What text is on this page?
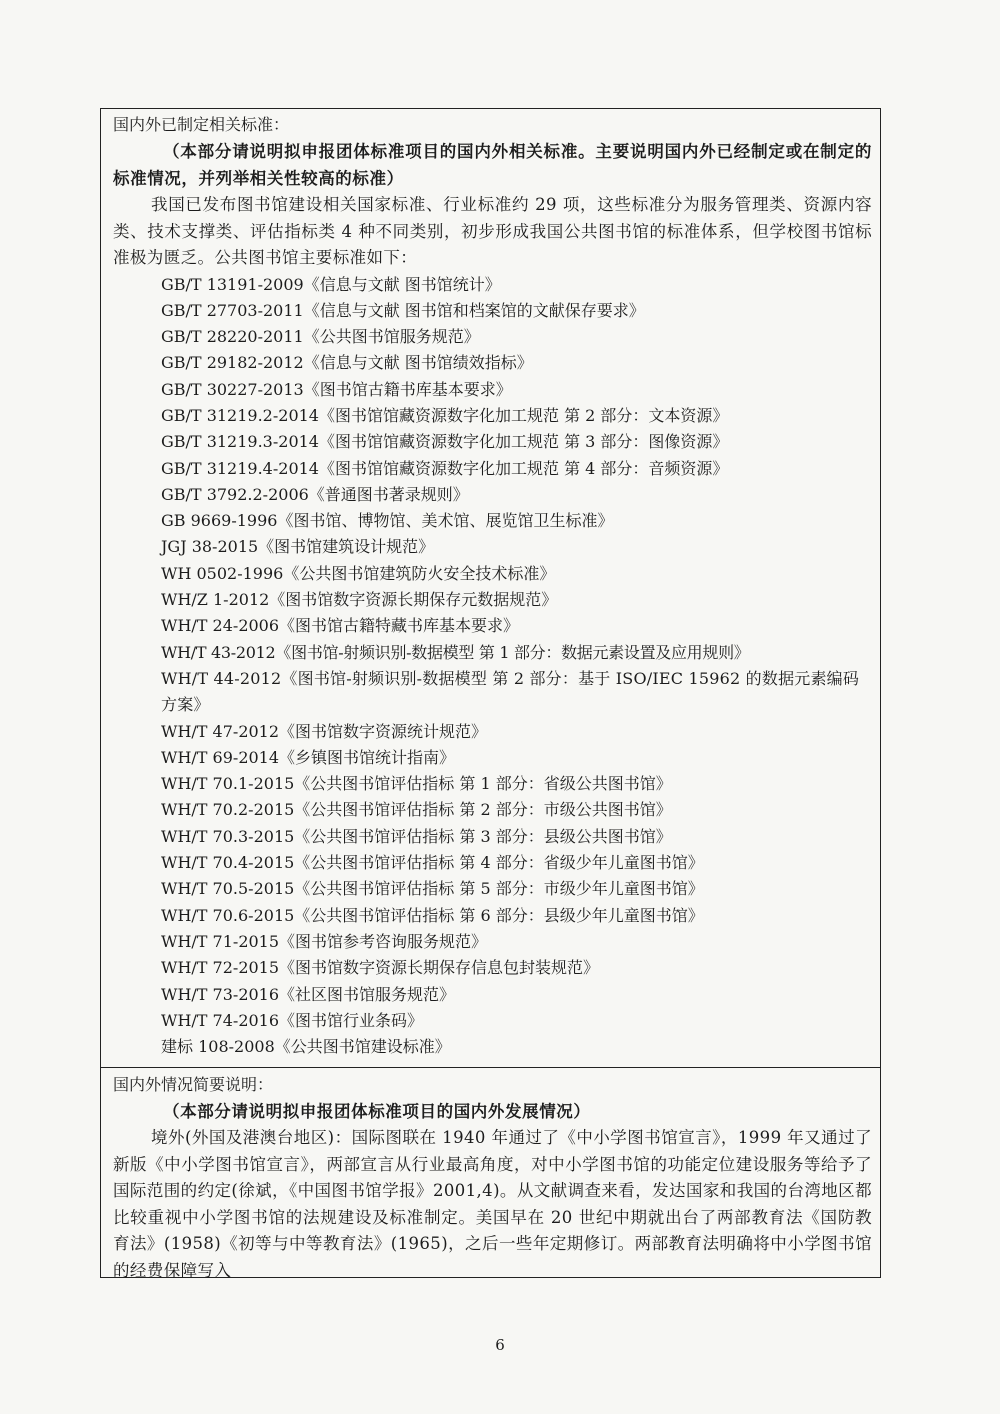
国内外已制定相关标准：
（本部分请说明拟申报团体标准项目的国内外相关标准。主要说明国内外已经制定或在制定的标准情况，并列举相关性较高的标准）
我国已发布图书馆建设相关国家标准、行业标准约 29 项，这些标准分为服务管理类、资源内容类、技术支撑类、评估指标类 4 种不同类别，初步形成我国公共图书馆的标准体系，但学校图书馆标准极为匮乏。公共图书馆主要标准如下：
GB/T 13191-2009《信息与文献 图书馆统计》
GB/T 27703-2011《信息与文献 图书馆和档案馆的文献保存要求》
GB/T 28220-2011《公共图书馆服务规范》
GB/T 29182-2012《信息与文献 图书馆绩效指标》
GB/T 30227-2013《图书馆古籍书库基本要求》
GB/T 31219.2-2014《图书馆馆藏资源数字化加工规范 第 2 部分：文本资源》
GB/T 31219.3-2014《图书馆馆藏资源数字化加工规范 第 3 部分：图像资源》
GB/T 31219.4-2014《图书馆馆藏资源数字化加工规范 第 4 部分：音频资源》
GB/T 3792.2-2006《普通图书著录规则》
GB 9669-1996《图书馆、博物馆、美术馆、展览馆卫生标准》
JGJ 38-2015《图书馆建筑设计规范》
WH 0502-1996《公共图书馆建筑防火安全技术标准》
WH/Z 1-2012《图书馆数字资源长期保存元数据规范》
WH/T 24-2006《图书馆古籍特藏书库基本要求》
WH/T 43-2012《图书馆-射频识别-数据模型 第 1 部分：数据元素设置及应用规则》
WH/T 44-2012《图书馆-射频识别-数据模型 第 2 部分：基于 ISO/IEC 15962 的数据元素编码方案》
WH/T 47-2012《图书馆数字资源统计规范》
WH/T 69-2014《乡镇图书馆统计指南》
WH/T 70.1-2015《公共图书馆评估指标 第 1 部分：省级公共图书馆》
WH/T 70.2-2015《公共图书馆评估指标 第 2 部分：市级公共图书馆》
WH/T 70.3-2015《公共图书馆评估指标 第 3 部分：县级公共图书馆》
WH/T 70.4-2015《公共图书馆评估指标 第 4 部分：省级少年儿童图书馆》
WH/T 70.5-2015《公共图书馆评估指标 第 5 部分：市级少年儿童图书馆》
WH/T 70.6-2015《公共图书馆评估指标 第 6 部分：县级少年儿童图书馆》
WH/T 71-2015《图书馆参考咨询服务规范》
WH/T 72-2015《图书馆数字资源长期保存信息包封装规范》
WH/T 73-2016《社区图书馆服务规范》
WH/T 74-2016《图书馆行业条码》
建标 108-2008《公共图书馆建设标准》
国内外情况简要说明：
（本部分请说明拟申报团体标准项目的国内外发展情况）
境外(外国及港澳台地区)：国际图联在 1940 年通过了《中小学图书馆宣言》，1999 年又通过了新版《中小学图书馆宣言》，两部宣言从行业最高角度，对中小学图书馆的功能定位建设服务等给予了国际范围的约定(徐斌，《中国图书馆学报》2001,4)。从文献调查来看，发达国家和我国的台湾地区都比较重视中小学图书馆的法规建设及标准制定。美国早在 20 世纪中期就出台了两部教育法《国防教育法》(1958)《初等与中等教育法》(1965)，之后一些年定期修订。两部教育法明确将中小学图书馆的经费保障写入
6
